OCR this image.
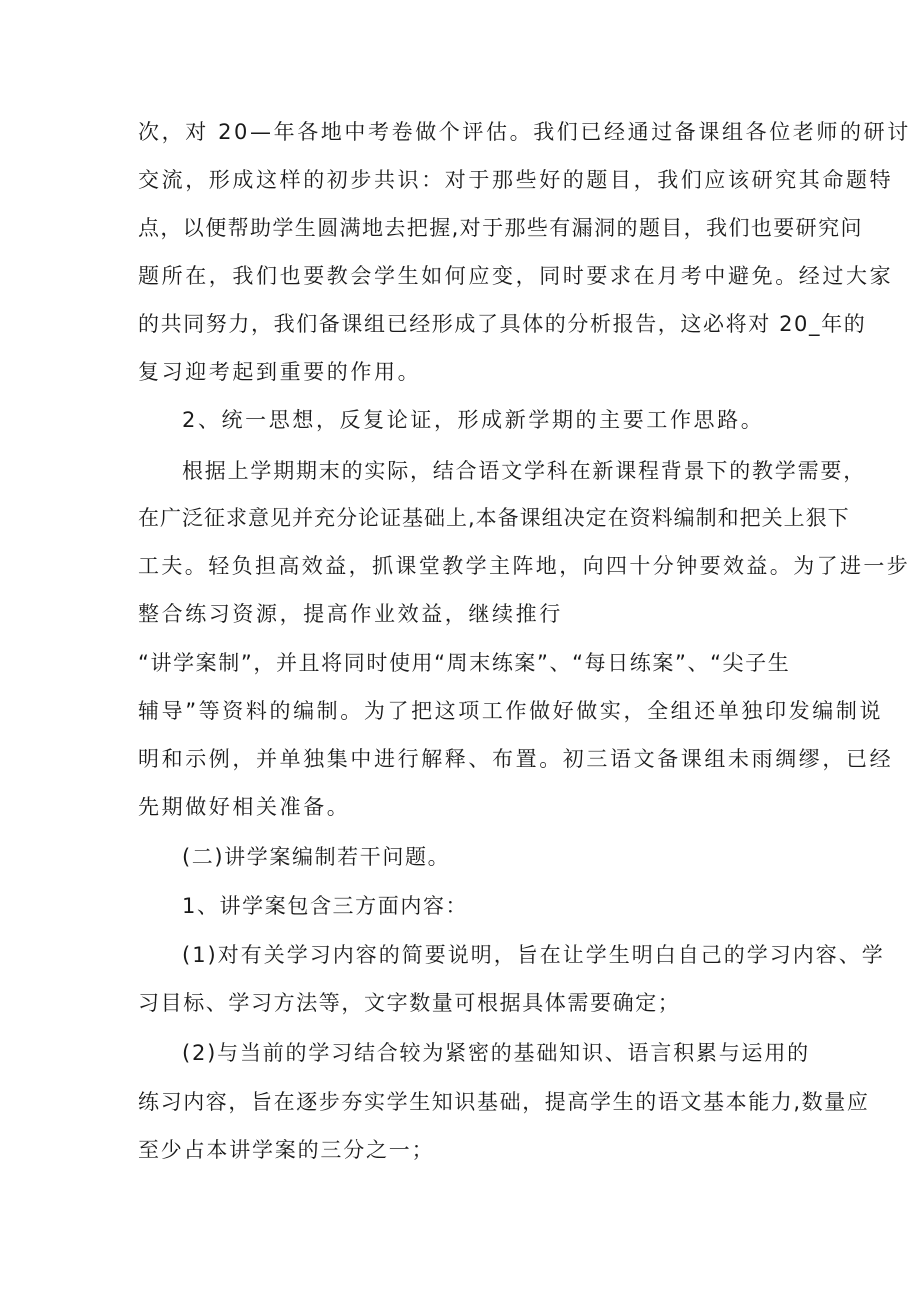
次，对 20—年各地中考卷做个评估。我们已经通过备课组各位老师的研讨
交流，形成这样的初步共识：对于那些好的题目，我们应该研究其命题特
点，以便帮助学生圆满地去把握,对于那些有漏洞的题目，我们也要研究问
题所在，我们也要教会学生如何应变，同时要求在月考中避免。经过大家
的共同努力，我们备课组已经形成了具体的分析报告，这必将对 20_年的
复习迎考起到重要的作用。
2、统一思想，反复论证，形成新学期的主要工作思路。
根据上学期期末的实际，结合语文学科在新课程背景下的教学需要，
在广泛征求意见并充分论证基础上,本备课组决定在资料编制和把关上狠下
工夫。轻负担高效益，抓课堂教学主阵地，向四十分钟要效益。为了进一步
整合练习资源，提高作业效益，继续推行
“讲学案制”，并且将同时使用“周末练案”、“每日练案”、“尖子生
辅导”等资料的编制。为了把这项工作做好做实，全组还单独印发编制说
明和示例，并单独集中进行解释、布置。初三语文备课组未雨绸缪，已经
先期做好相关准备。
(二)讲学案编制若干问题。
1、讲学案包含三方面内容：
(1)对有关学习内容的简要说明，旨在让学生明白自己的学习内容、学
习目标、学习方法等，文字数量可根据具体需要确定；
(2)与当前的学习结合较为紧密的基础知识、语言积累与运用的
练习内容，旨在逐步夯实学生知识基础，提高学生的语文基本能力,数量应
至少占本讲学案的三分之一；
